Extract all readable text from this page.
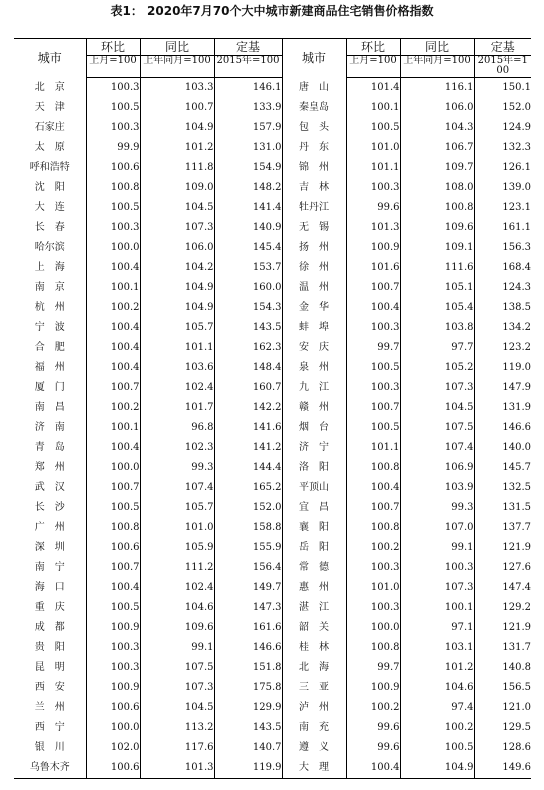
表1： 2020年7月70个大中城市新建商品住宅销售价格指数
城市	环比	同比	定基	城市	环比	同比	定基
	上月=100	上年同月=100	2015年=100		上月=100	上年同月=100	2015年=100
北　京	100.3	103.3	146.1	唐　山	101.4	116.1	150.1
天　津	100.5	100.7	133.9	秦皇岛	100.1	106.0	152.0
石家庄	100.3	104.9	157.9	包　头	100.5	104.3	124.9
太　原	99.9	101.2	131.0	丹　东	101.0	106.7	132.3
呼和浩特	100.6	111.8	154.9	锦　州	101.1	109.7	126.1
沈　阳	100.8	109.0	148.2	吉　林	100.3	108.0	139.0
大　连	100.5	104.5	141.4	牡丹江	99.6	100.8	123.1
长　春	100.3	107.3	140.9	无　锡	101.3	109.6	161.1
哈尔滨	100.0	106.0	145.4	扬　州	100.9	109.1	156.3
上　海	100.4	104.2	153.7	徐　州	101.6	111.6	168.4
南　京	100.1	104.9	160.0	温　州	100.7	105.1	124.3
杭　州	100.2	104.9	154.3	金　华	100.4	105.4	138.5
宁　波	100.4	105.7	143.5	蚌　埠	100.3	103.8	134.2
合　肥	100.4	101.1	162.3	安　庆	99.7	97.7	123.2
福　州	100.4	103.6	148.4	泉　州	100.5	105.2	119.0
厦　门	100.7	102.4	160.7	九　江	100.3	107.3	147.9
南　昌	100.2	101.7	142.2	赣　州	100.7	104.5	131.9
济　南	100.1	96.8	141.6	烟　台	100.5	107.5	146.6
青　岛	100.4	102.3	141.2	济　宁	101.1	107.4	140.0
郑　州	100.0	99.3	144.4	洛　阳	100.8	106.9	145.7
武　汉	100.7	107.4	165.2	平顶山	100.4	103.9	132.5
长　沙	100.5	105.7	152.0	宜　昌	100.7	99.3	131.5
广　州	100.8	101.0	158.8	襄　阳	100.8	107.0	137.7
深　圳	100.6	105.9	155.9	岳　阳	100.2	99.1	121.9
南　宁	100.7	111.2	156.4	常　德	100.3	100.3	127.6
海　口	100.4	102.4	149.7	惠　州	101.0	107.3	147.4
重　庆	100.5	104.6	147.3	湛　江	100.3	100.1	129.2
成　都	100.9	109.6	161.6	韶　关	100.0	97.1	121.9
贵　阳	100.3	99.1	146.6	桂　林	100.8	103.1	131.7
昆　明	100.3	107.5	151.8	北　海	99.7	101.2	140.8
西　安	100.9	107.3	175.8	三　亚	100.9	104.6	156.5
兰　州	100.6	104.5	129.9	泸　州	100.2	97.4	121.0
西　宁	100.0	113.2	143.5	南　充	99.6	100.2	129.5
银　川	102.0	117.6	140.7	遵　义	99.6	100.5	128.6
乌鲁木齐	100.6	101.3	119.9	大　理	100.4	104.9	149.6
